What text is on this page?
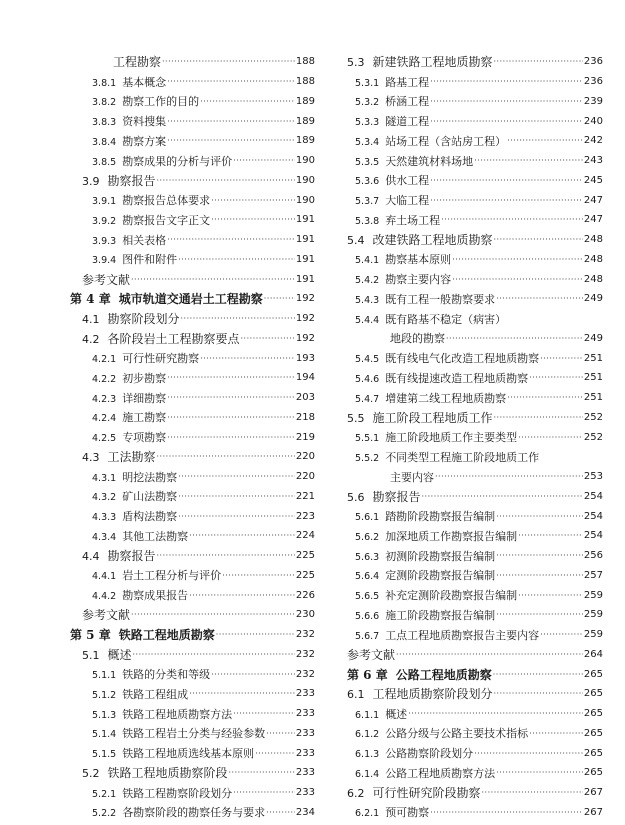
工程勘察 ·····	188
3.8.1 基本概念 ·····	188
3.8.2 勘察工作的目的 ·····	189
3.8.3 资料搜集 ·····	189
3.8.4 勘察方案 ·····	189
3.8.5 勘察成果的分析与评价 ·····	190
3.9 勘察报告 ·····	190
3.9.1 勘察报告总体要求 ·····	190
3.9.2 勘察报告文字正文 ·····	191
3.9.3 相关表格 ·····	191
3.9.4 图件和附件 ·····	191
参考文献 ·····	191
第 4 章 城市轨道交通岩土工程勘察 ·····	192
4.1 勘察阶段划分 ·····	192
4.2 各阶段岩土工程勘察要点 ·····	192
4.2.1 可行性研究勘察 ·····	193
4.2.2 初步勘察 ·····	194
4.2.3 详细勘察 ·····	203
4.2.4 施工勘察 ·····	218
4.2.5 专项勘察 ·····	219
4.3 工法勘察 ·····	220
4.3.1 明挖法勘察 ·····	220
4.3.2 矿山法勘察 ·····	221
4.3.3 盾构法勘察 ·····	223
4.3.4 其他工法勘察 ·····	224
4.4 勘察报告 ·····	225
4.4.1 岩土工程分析与评价 ·····	225
4.4.2 勘察成果报告 ·····	226
参考文献 ·····	230
第 5 章 铁路工程地质勘察 ·····	232
5.1 概述 ·····	232
5.1.1 铁路的分类和等级 ·····	232
5.1.2 铁路工程组成 ·····	233
5.1.3 铁路工程地质勘察方法 ·····	233
5.1.4 铁路工程岩土分类与经验参数 ·····	233
5.1.5 铁路工程地质选线基本原则 ·····	233
5.2 铁路工程地质勘察阶段 ·····	233
5.2.1 铁路工程勘察阶段划分 ·····	233
5.2.2 各勘察阶段的勘察任务与要求 ·····	234
5.3 新建铁路工程地质勘察 ·····	236
5.3.1 路基工程 ·····	236
5.3.2 桥涵工程 ·····	239
5.3.3 隧道工程 ·····	240
5.3.4 站场工程（含站房工程） ·····	242
5.3.5 天然建筑材料场地 ·····	243
5.3.6 供水工程 ·····	245
5.3.7 大临工程 ·····	247
5.3.8 弃土场工程 ·····	247
5.4 改建铁路工程地质勘察 ·····	248
5.4.1 勘察基本原则 ·····	248
5.4.2 勘察主要内容 ·····	248
5.4.3 既有工程一般勘察要求 ·····	249
5.4.4 既有路基不稳定（病害）
地段的勘察 ·····	249
5.4.5 既有线电气化改造工程地质勘察 ·····	251
5.4.6 既有线提速改造工程地质勘察 ·····	251
5.4.7 增建第二线工程地质勘察 ·····	251
5.5 施工阶段工程地质工作 ·····	252
5.5.1 施工阶段地质工作主要类型 ·····	252
5.5.2 不同类型工程施工阶段地质工作
主要内容 ·····	253
5.6 勘察报告 ·····	254
5.6.1 踏勘阶段勘察报告编制 ·····	254
5.6.2 加深地质工作勘察报告编制 ·····	254
5.6.3 初测阶段勘察报告编制 ·····	256
5.6.4 定测阶段勘察报告编制 ·····	257
5.6.5 补充定测阶段勘察报告编制 ·····	259
5.6.6 施工阶段勘察报告编制 ·····	259
5.6.7 工点工程地质勘察报告主要内容 ·····	259
参考文献 ·····	264
第 6 章 公路工程地质勘察 ·····	265
6.1 工程地质勘察阶段划分 ·····	265
6.1.1 概述 ·····	265
6.1.2 公路分级与公路主要技术指标 ·····	265
6.1.3 公路勘察阶段划分 ·····	265
6.1.4 公路工程地质勘察方法 ·····	265
6.2 可行性研究阶段勘察 ·····	267
6.2.1 预可勘察 ·····	267
